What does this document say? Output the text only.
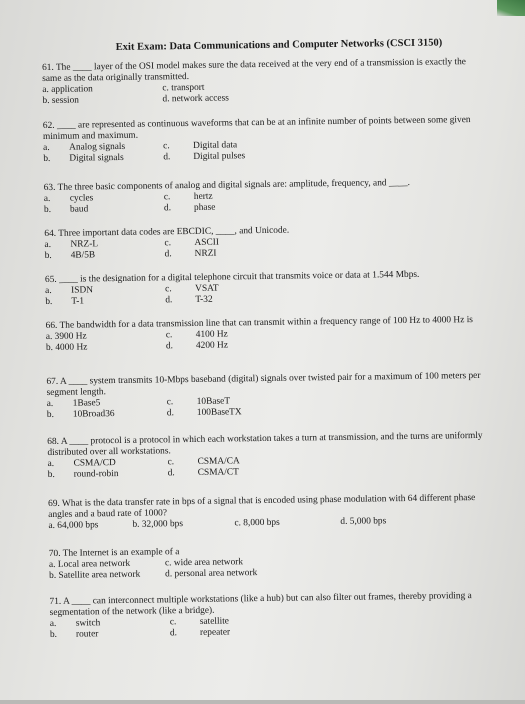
Exit Exam: Data Communications and Computer Networks (CSCI 3150)
61. The ____ layer of the OSI model makes sure the data received at the very end of a transmission is exactly the same as the data originally transmitted.
a. application	c. transport
b. session	d. network access
62. ____ are represented as continuous waveforms that can be at an infinite number of points between some given minimum and maximum.
a. Analog signals	c. Digital data
b. Digital signals	d. Digital pulses
63. The three basic components of analog and digital signals are: amplitude, frequency, and ____.
a. cycles	c. hertz
b. baud	d. phase
64. Three important data codes are EBCDIC, ____, and Unicode.
a. NRZ-L	c. ASCII
b. 4B/5B	d. NRZI
65. ____ is the designation for a digital telephone circuit that transmits voice or data at 1.544 Mbps.
a. ISDN	c. VSAT
b. T-1	d. T-32
66. The bandwidth for a data transmission line that can transmit within a frequency range of 100 Hz to 4000 Hz is
a. 3900 Hz	c. 4100 Hz
b. 4000 Hz	d. 4200 Hz
67. A ____ system transmits 10-Mbps baseband (digital) signals over twisted pair for a maximum of 100 meters per segment length.
a. 1Base5	c. 10BaseT
b. 10Broad36	d. 100BaseTX
68. A ____ protocol is a protocol in which each workstation takes a turn at transmission, and the turns are uniformly distributed over all workstations.
a. CSMA/CD	c. CSMA/CA
b. round-robin	d. CSMA/CT
69. What is the data transfer rate in bps of a signal that is encoded using phase modulation with 64 different phase angles and a baud rate of 1000?
a. 64,000 bps	b. 32,000 bps	c. 8,000 bps	d. 5,000 bps
70. The Internet is an example of a
a. Local area network	c. wide area network
b. Satellite area network	d. personal area network
71. A ____ can interconnect multiple workstations (like a hub) but can also filter out frames, thereby providing a segmentation of the network (like a bridge).
a. switch	c. satellite
b. router	d. repeater
